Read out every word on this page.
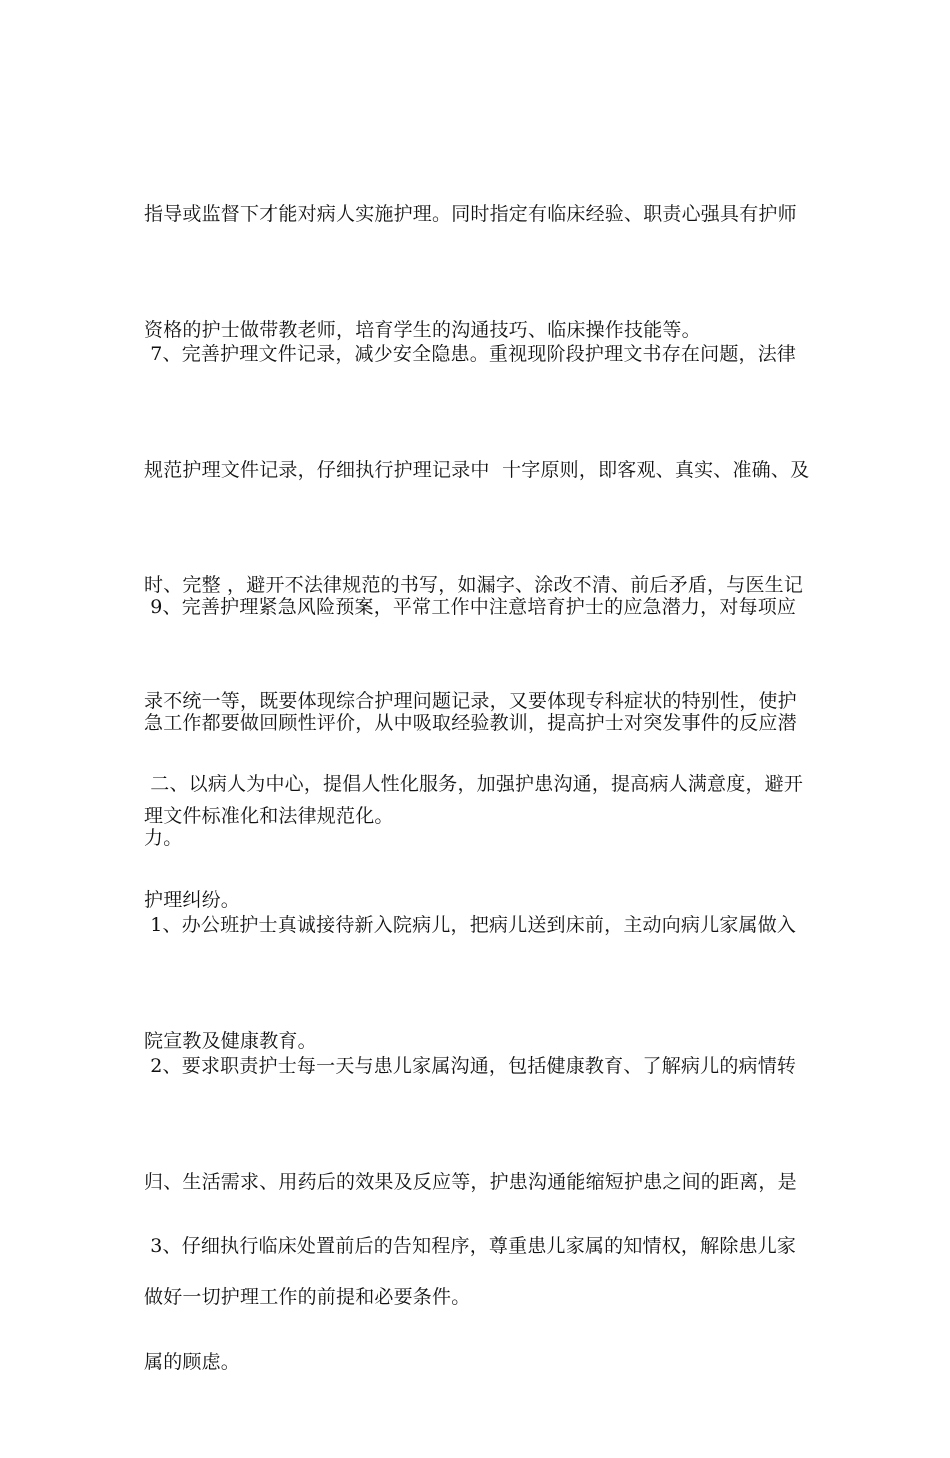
指导或监督下才能对病人实施护理。同时指定有临床经验、职责心强具有护师

资格的护士做带教老师，培育学生的沟通技巧、临床操作技能等。

7、完善护理文件记录，减少安全隐患。重视现阶段护理文书存在问题，法律

规范护理文件记录，仔细执行护理记录中  十字原则，即客观、真实、准确、及

时、完整 ，避开不法律规范的书写，如漏字、涂改不清、前后矛盾，与医生记

录不统一等，既要体现综合护理问题记录，又要体现专科症状的特别性，使护

理文件标准化和法律规范化。

9、完善护理紧急风险预案，平常工作中注意培育护士的应急潜力，对每项应

急工作都要做回顾性评价，从中吸取经验教训，提高护士对突发事件的反应潜

力。

二、以病人为中心，提倡人性化服务，加强护患沟通，提高病人满意度，避开

护理纠纷。

1、办公班护士真诚接待新入院病儿，把病儿送到床前，主动向病儿家属做入

院宣教及健康教育。

2、要求职责护士每一天与患儿家属沟通，包括健康教育、了解病儿的病情转

归、生活需求、用药后的效果及反应等，护患沟通能缩短护患之间的距离，是

做好一切护理工作的前提和必要条件。

3、仔细执行临床处置前后的告知程序，尊重患儿家属的知情权，解除患儿家

属的顾虑。
